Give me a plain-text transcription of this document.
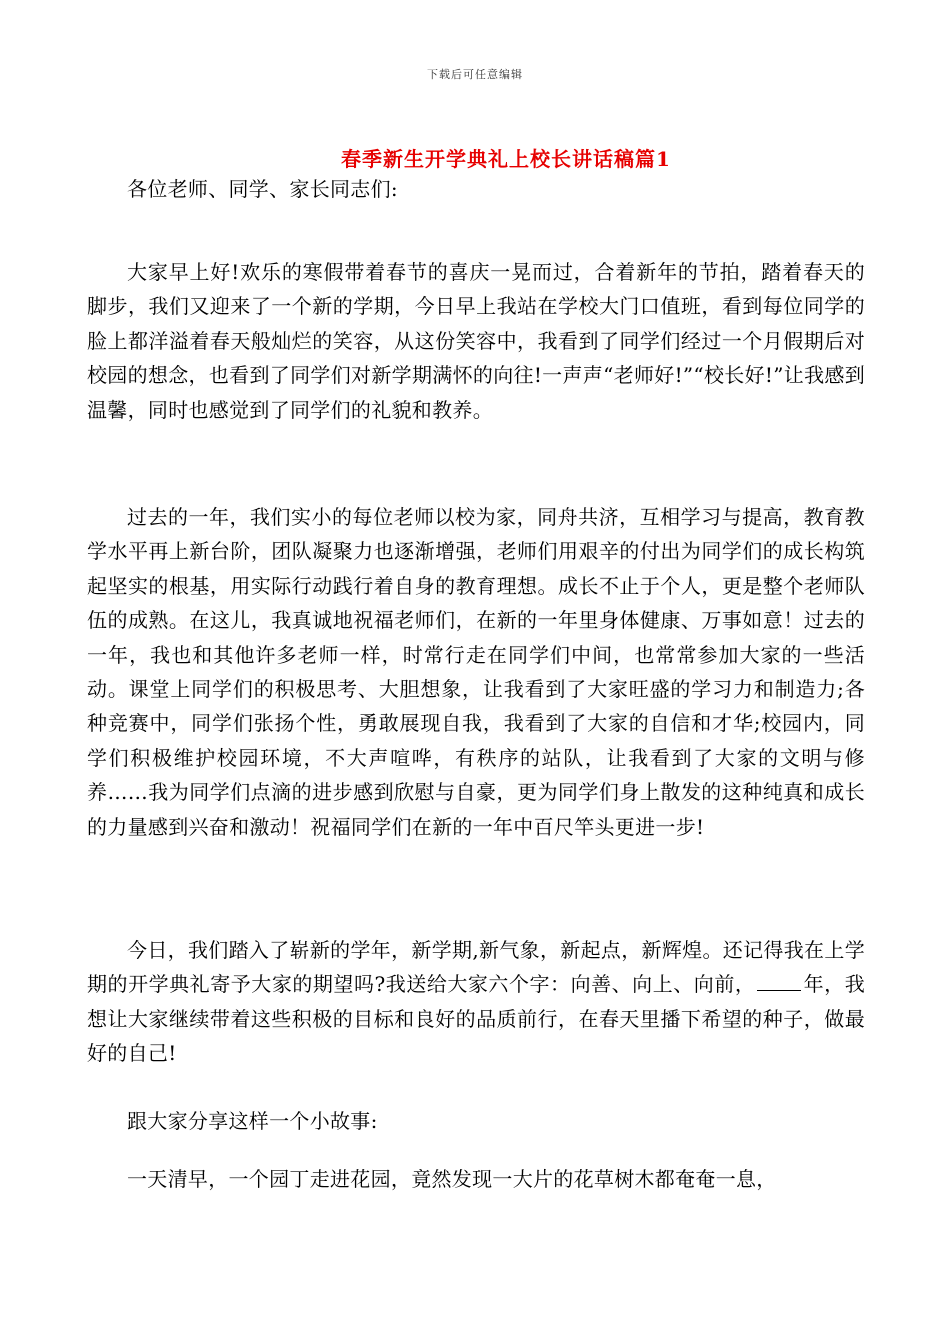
下载后可任意编辑
春季新生开学典礼上校长讲话稿篇1

各位老师、同学、家长同志们:

大家早上好!欢乐的寒假带着春节的喜庆一晃而过，合着新年的节拍，踏着春天的脚步，我们又迎来了一个新的学期，今日早上我站在学校大门口值班，看到每位同学的脸上都洋溢着春天般灿烂的笑容，从这份笑容中，我看到了同学们经过一个月假期后对校园的想念，也看到了同学们对新学期满怀的向往!一声声“老师好!”“校长好!”让我感到温馨，同时也感觉到了同学们的礼貌和教养。

过去的一年，我们实小的每位老师以校为家，同舟共济，互相学习与提高，教育教学水平再上新台阶，团队凝聚力也逐渐增强，老师们用艰辛的付出为同学们的成长构筑起坚实的根基，用实际行动践行着自身的教育理想。成长不止于个人，更是整个老师队伍的成熟。在这儿，我真诚地祝福老师们，在新的一年里身体健康、万事如意！过去的一年，我也和其他许多老师一样，时常行走在同学们中间，也常常参加大家的一些活动。课堂上同学们的积极思考、大胆想象，让我看到了大家旺盛的学习力和制造力;各种竞赛中，同学们张扬个性，勇敢展现自我，我看到了大家的自信和才华;校园内，同学们积极维护校园环境，不大声喧哗，有秩序的站队，让我看到了大家的文明与修养……我为同学们点滴的进步感到欣慰与自豪，更为同学们身上散发的这种纯真和成长的力量感到兴奋和激动！祝福同学们在新的一年中百尺竿头更进一步!

今日，我们踏入了崭新的学年，新学期,新气象，新起点，新辉煌。还记得我在上学期的开学典礼寄予大家的期望吗?我送给大家六个字：向善、向上、向前， 年，我想让大家继续带着这些积极的目标和良好的品质前行，在春天里播下希望的种子，做最好的自己!

跟大家分享这样一个小故事:

一天清早，一个园丁走进花园，竟然发现一大片的花草树木都奄奄一息，
